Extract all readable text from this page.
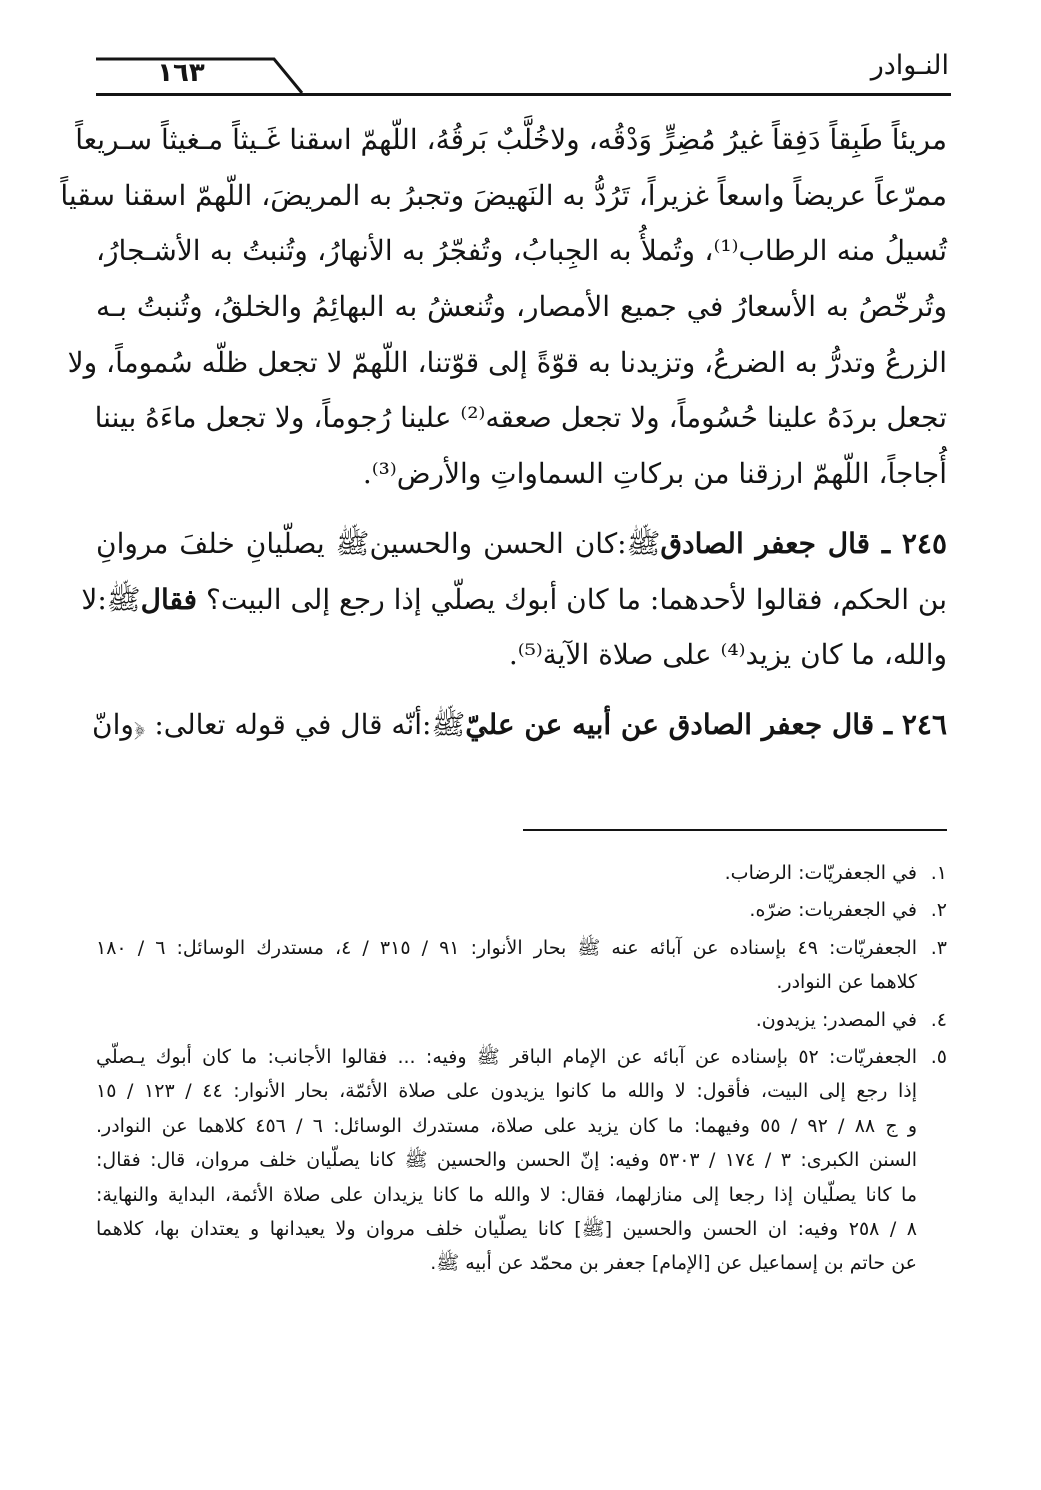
النـوادر
١٦٣
مريئاً طَبِقاً دَفِقاً غيرُ مُضِرٍّ وَدْقُه، ولاخُلَّبٌ بَرقُهُ، اللّهمّ اسقنا غَـيثاً مـغيثاً سـريعاً
ممرّعاً عريضاً واسعاً غزيراً، تَرُدُّ به النَهيضَ وتجبرُ به المريضَ، اللّهمّ اسقنا سقياً
تُسيلُ منه الرطاب⁽¹⁾، وتُملأُ به الجِبابُ، وتُفجّرُ به الأنهارُ، وتُنبتُ به الأشـجارُ،
وتُرخّصُ به الأسعارُ في جميع الأمصار، وتُنعشُ به البهائِمُ والخلقُ، وتُنبتُ بـه
الزرعُ وتدرُّ به الضرعُ، وتزيدنا به قوّةً إلى قوّتنا، اللّهمّ لا تجعل ظلّه سُموماً، ولا
تجعل بردَهُ علينا حُسُوماً، ولا تجعل صعقه⁽²⁾ علينا رُجوماً، ولا تجعل ماءَهُ بيننا
أُجاجاً، اللّهمّ ارزقنا من بركاتِ السماواتِ والأرض⁽³⁾.
٢٤٥ ـ قال جعفر الصادقﷺ:كان الحسن والحسينﷺ يصلّيانِ خلفَ مروانِ
بن الحكم، فقالوا لأحدهما: ما كان أبوك يصلّي إذا رجع إلى البيت؟ فقالﷺ:لا
والله، ما كان يزيد⁽⁴⁾ على صلاة الآية⁽⁵⁾.
٢٤٦ ـ قال جعفر الصادق عن أبيه عن عليّﷺ:أنّه قال في قوله تعالى: ﴿وانّ
١.في الجعفريّات: الرضاب.
٢.في الجعفريات: ضرّه.
٣.الجعفريّات: ٤٩ بإسناده عن آبائه عنه ﷺ بحار الأنوار: ٩١ / ٣١٥ / ٤، مستدرك الوسائل: ٦ / ١٨٠
كلاهما عن النوادر.
٤.في المصدر: يزيدون.
٥.الجعفريّات: ٥٢ بإسناده عن آبائه عن الإمام الباقر ﷺ وفيه: ... فقالوا الأجانب: ما كان أبوك يـصلّي
إذا رجع إلى البيت، فأقول: لا والله ما كانوا يزيدون على صلاة الأئمّة، بحار الأنوار: ٤٤ / ١٢٣ / ١٥
و ج ٨٨ / ٩٢ / ٥٥ وفيهما: ما كان يزيد على صلاة، مستدرك الوسائل: ٦ / ٤٥٦ كلاهما عن النوادر.
السنن الكبرى: ٣ / ١٧٤ / ٥٣٠٣ وفيه: إنّ الحسن والحسين ﷺ كانا يصلّيان خلف مروان، قال: فقال:
ما كانا يصلّيان إذا رجعا إلى منازلهما، فقال: لا والله ما كانا يزيدان على صلاة الأئمة، البداية والنهاية:
٨ / ٢٥٨ وفيه: ان الحسن والحسين [ﷺ] كانا يصلّيان خلف مروان ولا يعيدانها و يعتدان بها، كلاهما
عن حاتم بن إسماعيل عن [الإمام] جعفر بن محمّد عن أبيه ﷺ.
